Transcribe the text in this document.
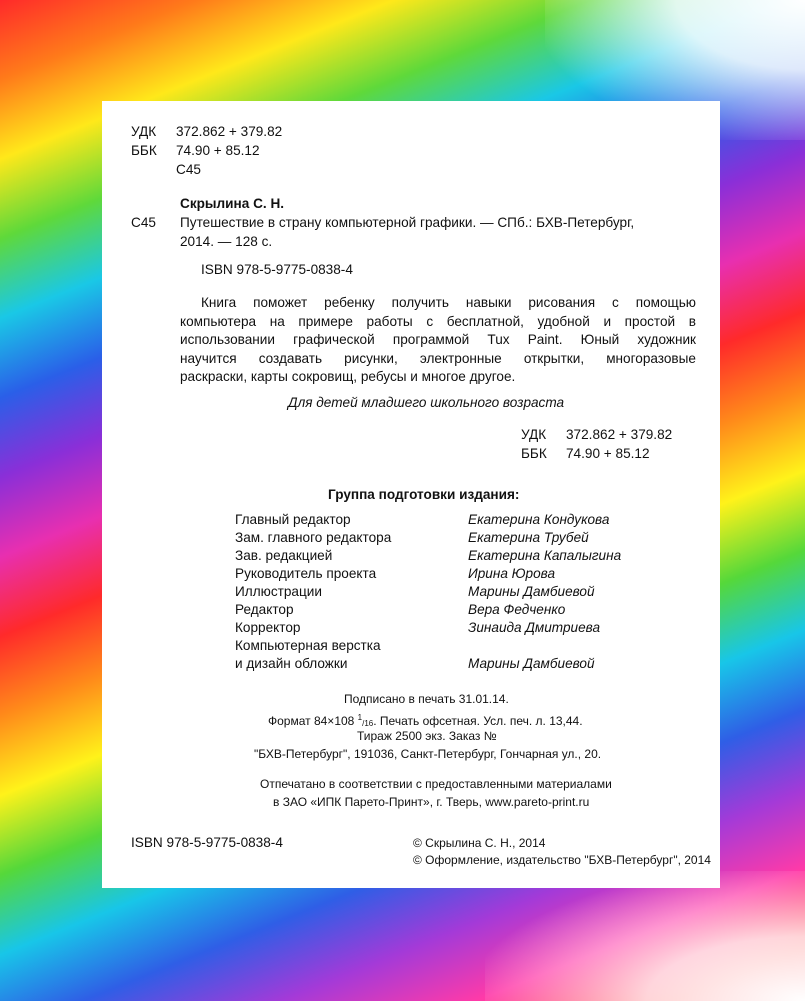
УДК 372.862 + 379.82
ББК 74.90 + 85.12
С45
Скрылина С. Н.
С45 Путешествие в страну компьютерной графики. — СПб.: БХВ-Петербург,
2014. — 128 с.
ISBN 978-5-9775-0838-4
Книга поможет ребенку получить навыки рисования с помощью
компьютера на примере работы с бесплатной, удобной и простой в
использовании графической программой Tux Paint. Юный художник
научится создавать рисунки, электронные открытки, многоразовые
раскраски, карты сокровищ, ребусы и многое другое.
Для детей младшего школьного возраста
УДК 372.862 + 379.82
ББК 74.90 + 85.12
Группа подготовки издания:
Главный редактор	Екатерина Кондукова
Зам. главного редактора	Екатерина Трубей
Зав. редакцией	Екатерина Капалыгина
Руководитель проекта	Ирина Юрова
Иллюстрации	Марины Дамбиевой
Редактор	Вера Федченко
Корректор	Зинаида Дмитриева
Компьютерная верстка
и дизайн обложки	Марины Дамбиевой
Подписано в печать 31.01.14.
Формат 84×108 $^1_{/16}$. Печать офсетная. Усл. печ. л. 13,44.
Тираж 2500 экз. Заказ №
"БХВ-Петербург", 191036, Санкт-Петербург, Гончарная ул., 20.
Отпечатано в соответствии с предоставленными материалами
в ЗАО «ИПК Парето-Принт», г. Тверь, www.pareto-print.ru
ISBN 978-5-9775-0838-4	© Скрылина С. Н., 2014
© Оформление, издательство "БХВ-Петербург", 2014
